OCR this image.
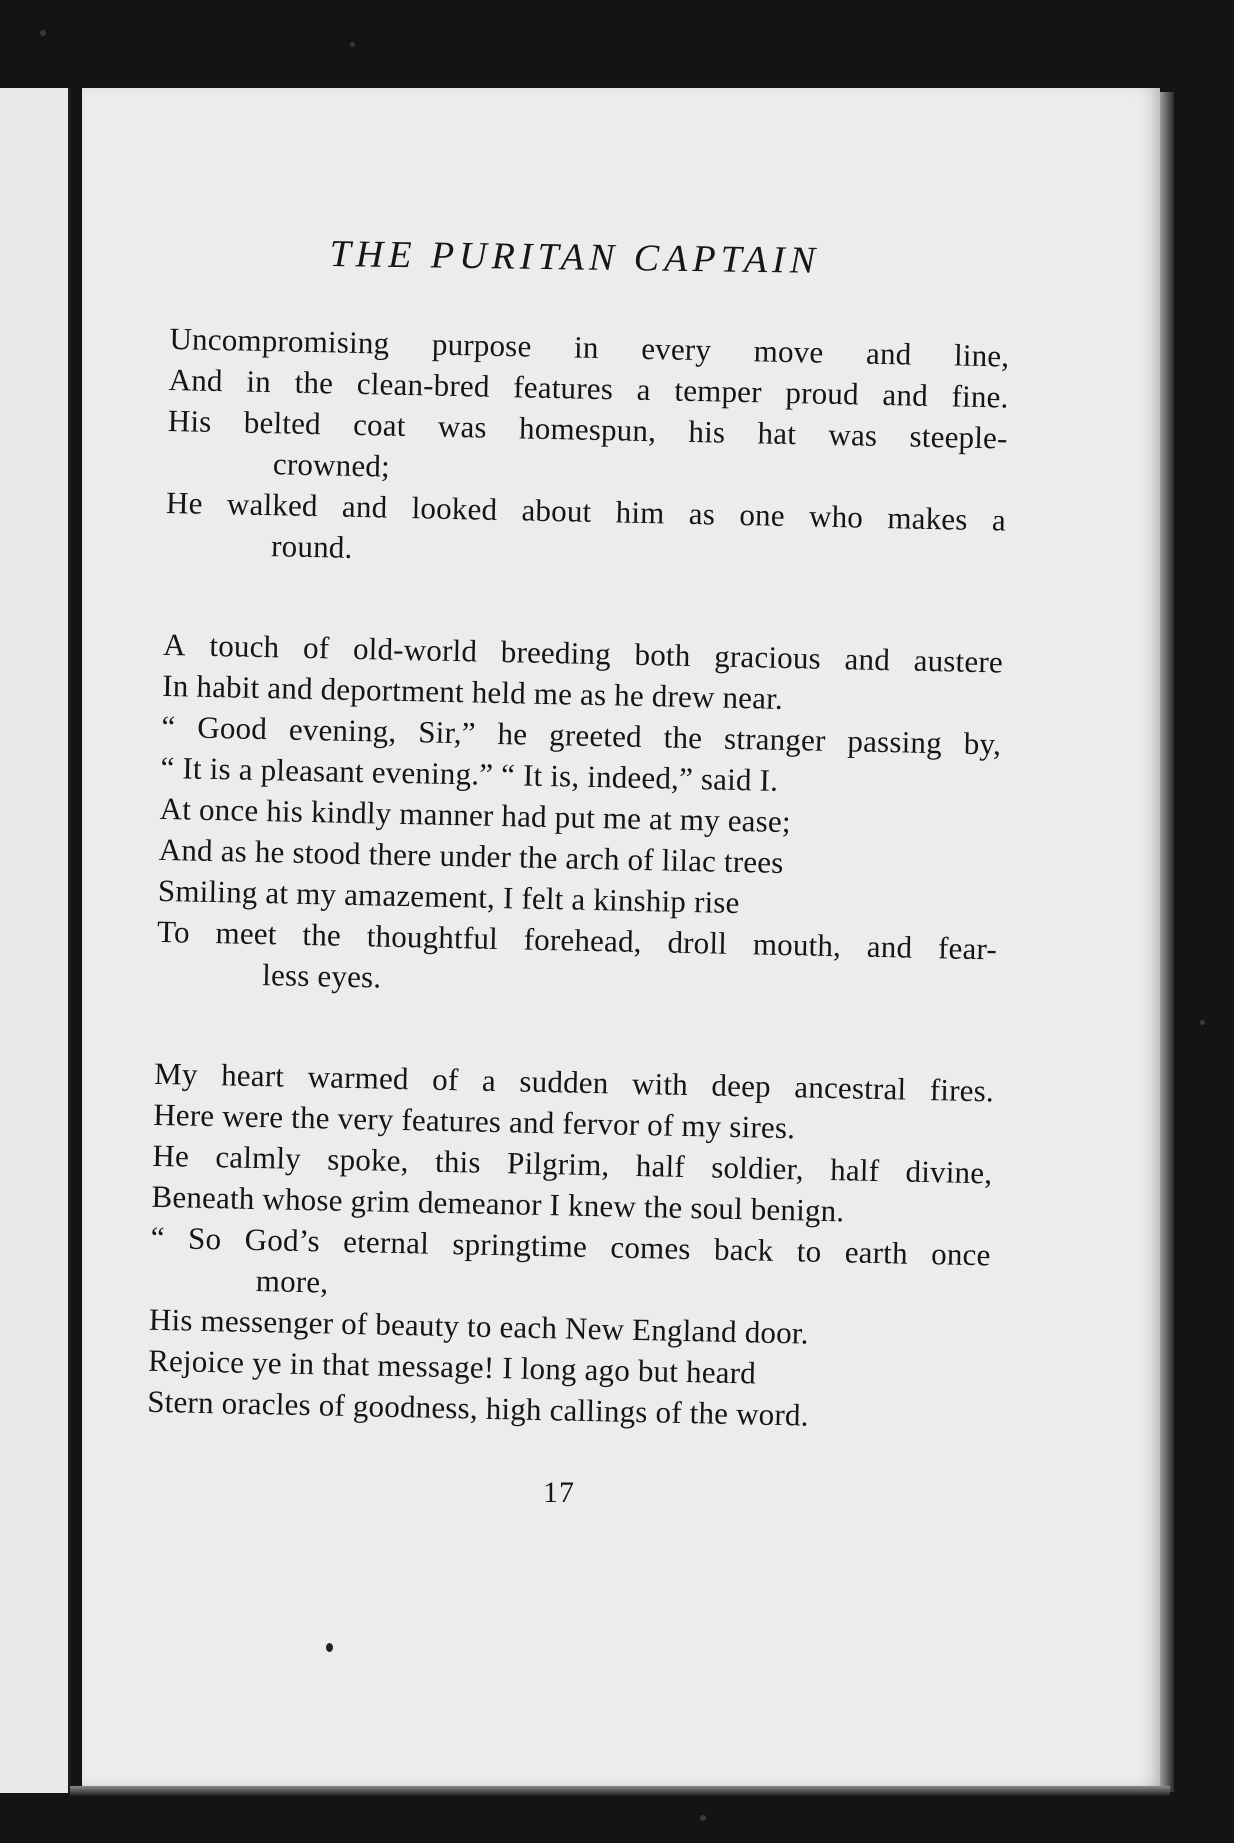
THE PURITAN CAPTAIN
Uncompromising purpose in every move and line,
And in the clean-bred features a temper proud and fine.
His belted coat was homespun, his hat was steeple-
crowned;
He walked and looked about him as one who makes a
round.
A touch of old-world breeding both gracious and austere
In habit and deportment held me as he drew near.
“ Good evening, Sir,” he greeted the stranger passing by,
“ It is a pleasant evening.” “ It is, indeed,” said I.
At once his kindly manner had put me at my ease;
And as he stood there under the arch of lilac trees
Smiling at my amazement, I felt a kinship rise
To meet the thoughtful forehead, droll mouth, and fear-
less eyes.
My heart warmed of a sudden with deep ancestral fires.
Here were the very features and fervor of my sires.
He calmly spoke, this Pilgrim, half soldier, half divine,
Beneath whose grim demeanor I knew the soul benign.
“ So God’s eternal springtime comes back to earth once
more,
His messenger of beauty to each New England door.
Rejoice ye in that message! I long ago but heard
Stern oracles of goodness, high callings of the word.
17
